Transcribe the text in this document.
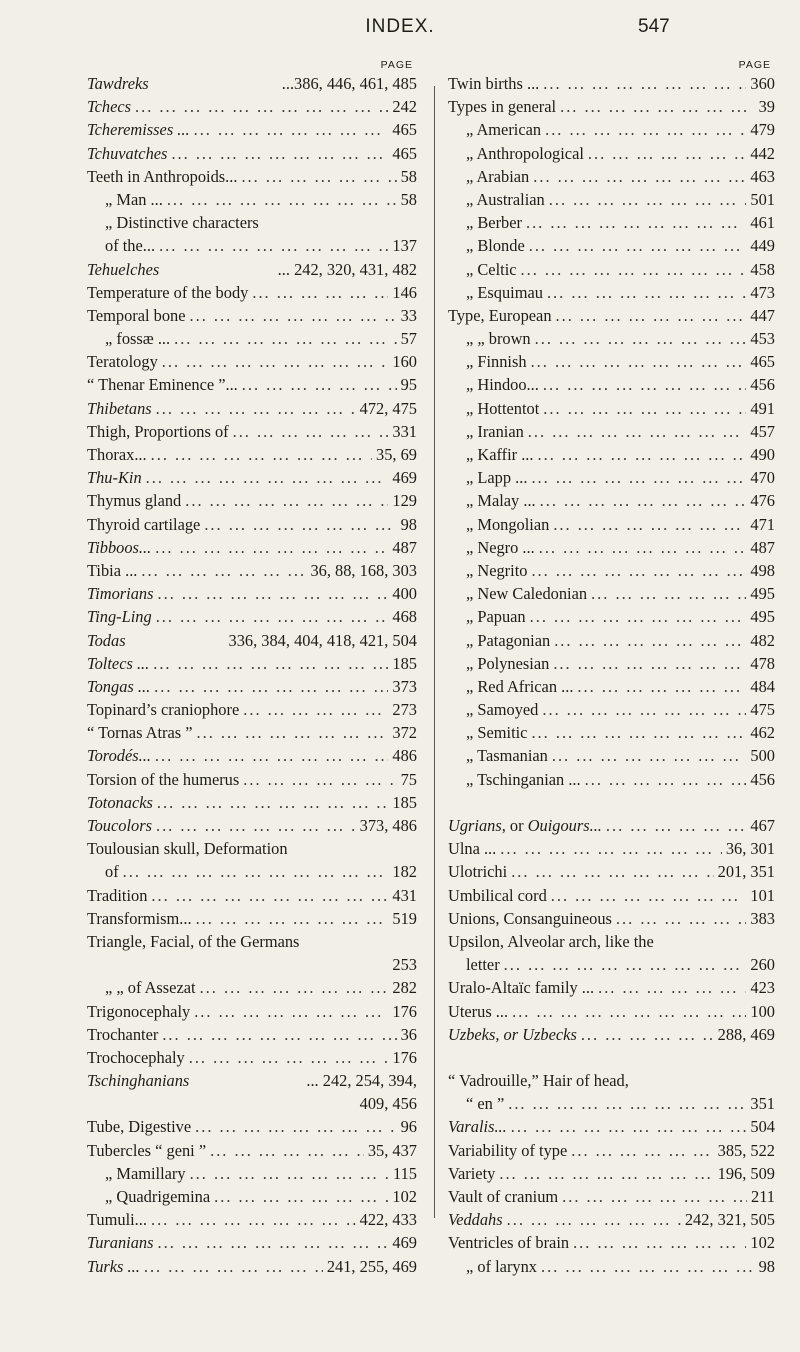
INDEX.	547
PAGE
Tawdreks	...386, 446, 461, 485
Tchecs ... .	242
Tcheremisses ... ... .	465
Tchuvatches ... .	465
Teeth in Anthropoids... ... .	58
„ Man ... ... .	58
„ Distinctive characters
of the... ... .	137
Tehuelches	... 242, 320, 431, 482
Temperature of the body ... .	146
Temporal bone ... .	33
„ fossæ ... ... .	57
Teratology ... .	160
“ Thenar Eminence ”... ... .	95
Thibetans ... .	472, 475
Thigh, Proportions of ... .	331
Thorax... ... .	35, 69
Thu-Kin ... .	469
Thymus gland ... .	129
Thyroid cartilage ... .	98
Tibboos... ... .	487
Tibia ... ... .	36, 88, 168, 303
Timorians ... .	400
Ting-Ling ... .	468
Todas	336, 384, 404, 418, 421, 504
Toltecs ... ... .	185
Tongas ... ... .	373
Topinard’s craniophore ... .	273
“ Tornas Atras ” ... .	372
Torodés... ... .	486
Torsion of the humerus ... .	75
Totonacks ... .	185
Toucolors ... .	373, 486
Toulousian skull, Deformation
of ... .	182
Tradition ... .	431
Transformism... ... .	519
Triangle, Facial, of the Germans
253
„ „ of Assezat ... .	282
Trigonocephaly ... .	176
Trochanter ... .	36
Trochocephaly ... .	176
Tschinghanians	... 242, 254, 394,
409, 456
Tube, Digestive ... .	96
Tubercles “ geni ” ... .	35, 437
„ Mamillary ... .	115
„ Quadrigemina ... .	102
Tumuli... ... .	422, 433
Turanians ... .	469
Turks ... ... .	241, 255, 469
PAGE
Twin births ... ... .	360
Types in general ... .	39
„ American ... .	479
„ Anthropological ... .	442
„ Arabian ... .	463
„ Australian ... .	501
„ Berber ... .	461
„ Blonde ... .	449
„ Celtic ... .	458
„ Esquimau ... .	473
Type, European ... .	447
„ „ brown ... .	453
„ Finnish ... .	465
„ Hindoo... ... .	456
„ Hottentot ... .	491
„ Iranian ... .	457
„ Kaffir ... ... .	490
„ Lapp ... ... .	470
„ Malay ... ... .	476
„ Mongolian ... .	471
„ Negro ... ... .	487
„ Negrito ... .	498
„ New Caledonian ... .	495
„ Papuan ... .	495
„ Patagonian ... .	482
„ Polynesian ... .	478
„ Red African ... ... .	484
„ Samoyed ... .	475
„ Semitic ... .	462
„ Tasmanian ... .	500
„ Tschinganian ... ... .	456
Ugrians, or Ouigours... ... .	467
Ulna ... ... .	36, 301
Ulotrichi ... .	201, 351
Umbilical cord ... .	101
Unions, Consanguineous ... .	383
Upsilon, Alveolar arch, like the
letter ... .	260
Uralo-Altaïc family ... ... .	423
Uterus ... ... .	100
Uzbeks, or Uzbecks ... .	288, 469
“ Vadrouille,” Hair of head,
“ en ” ... .	351
Varalis... ... .	504
Variability of type ... .	385, 522
Variety ... .	196, 509
Vault of cranium ... .	211
Veddahs ... .	242, 321, 505
Ventricles of brain ... .	102
„ of larynx ... .	98
